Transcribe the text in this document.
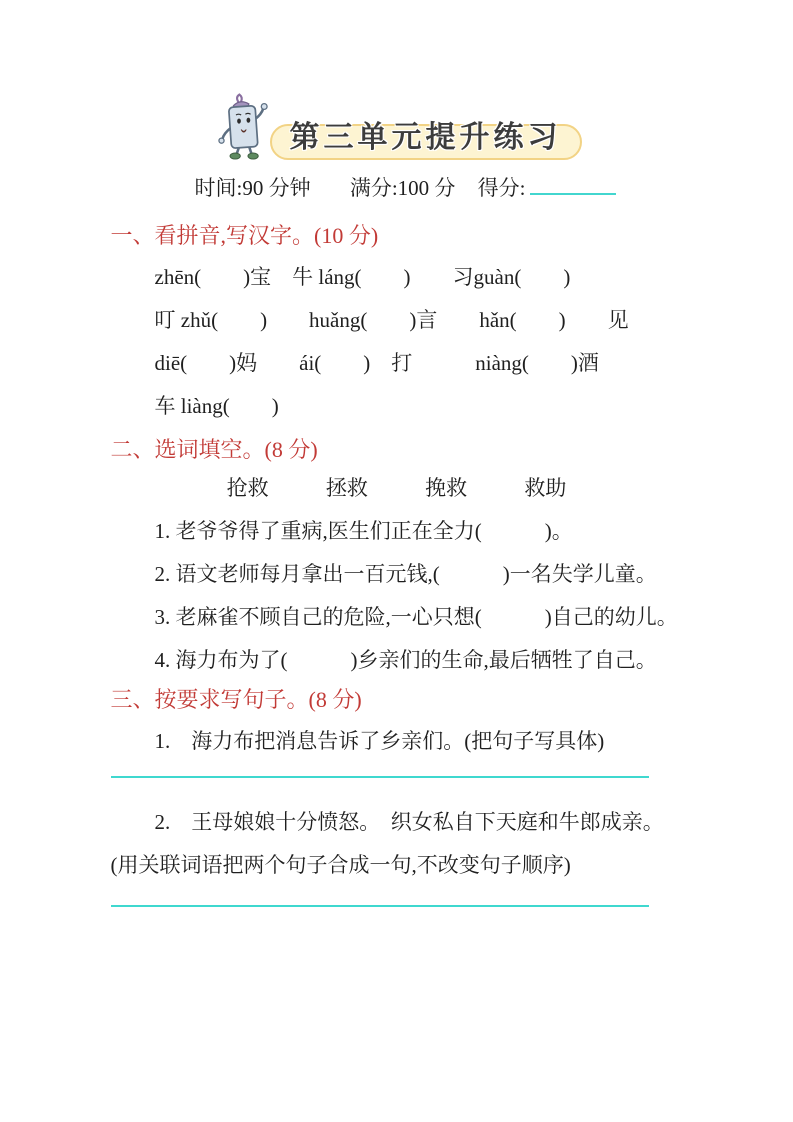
第三单元提升练习
时间:90 分钟 满分:100 分 得分:
一、看拼音,写汉字。(10 分)
zhēn(　　)宝　牛 láng(　　)　　习guàn(　　)
叮 zhǔ(　　)　　huǎng(　　)言　　hǎn(　　)　　见
diē(　　)妈　　ái(　　)　打　　　niàng(　　)酒
车 liàng(　　)
二、选词填空。(8 分)
抢救	拯救	挽救	救助
1. 老爷爷得了重病,医生们正在全力(　　　)。
2. 语文老师每月拿出一百元钱,(　　　)一名失学儿童。
3. 老麻雀不顾自己的危险,一心只想(　　　)自己的幼儿。
4. 海力布为了(　　　)乡亲们的生命,最后牺牲了自己。
三、按要求写句子。(8 分)
1.　海力布把消息告诉了乡亲们。(把句子写具体)
2.　王母娘娘十分愤怒。　织女私自下天庭和牛郎成亲。(用关联词语把两个句子合成一句,不改变句子顺序)
